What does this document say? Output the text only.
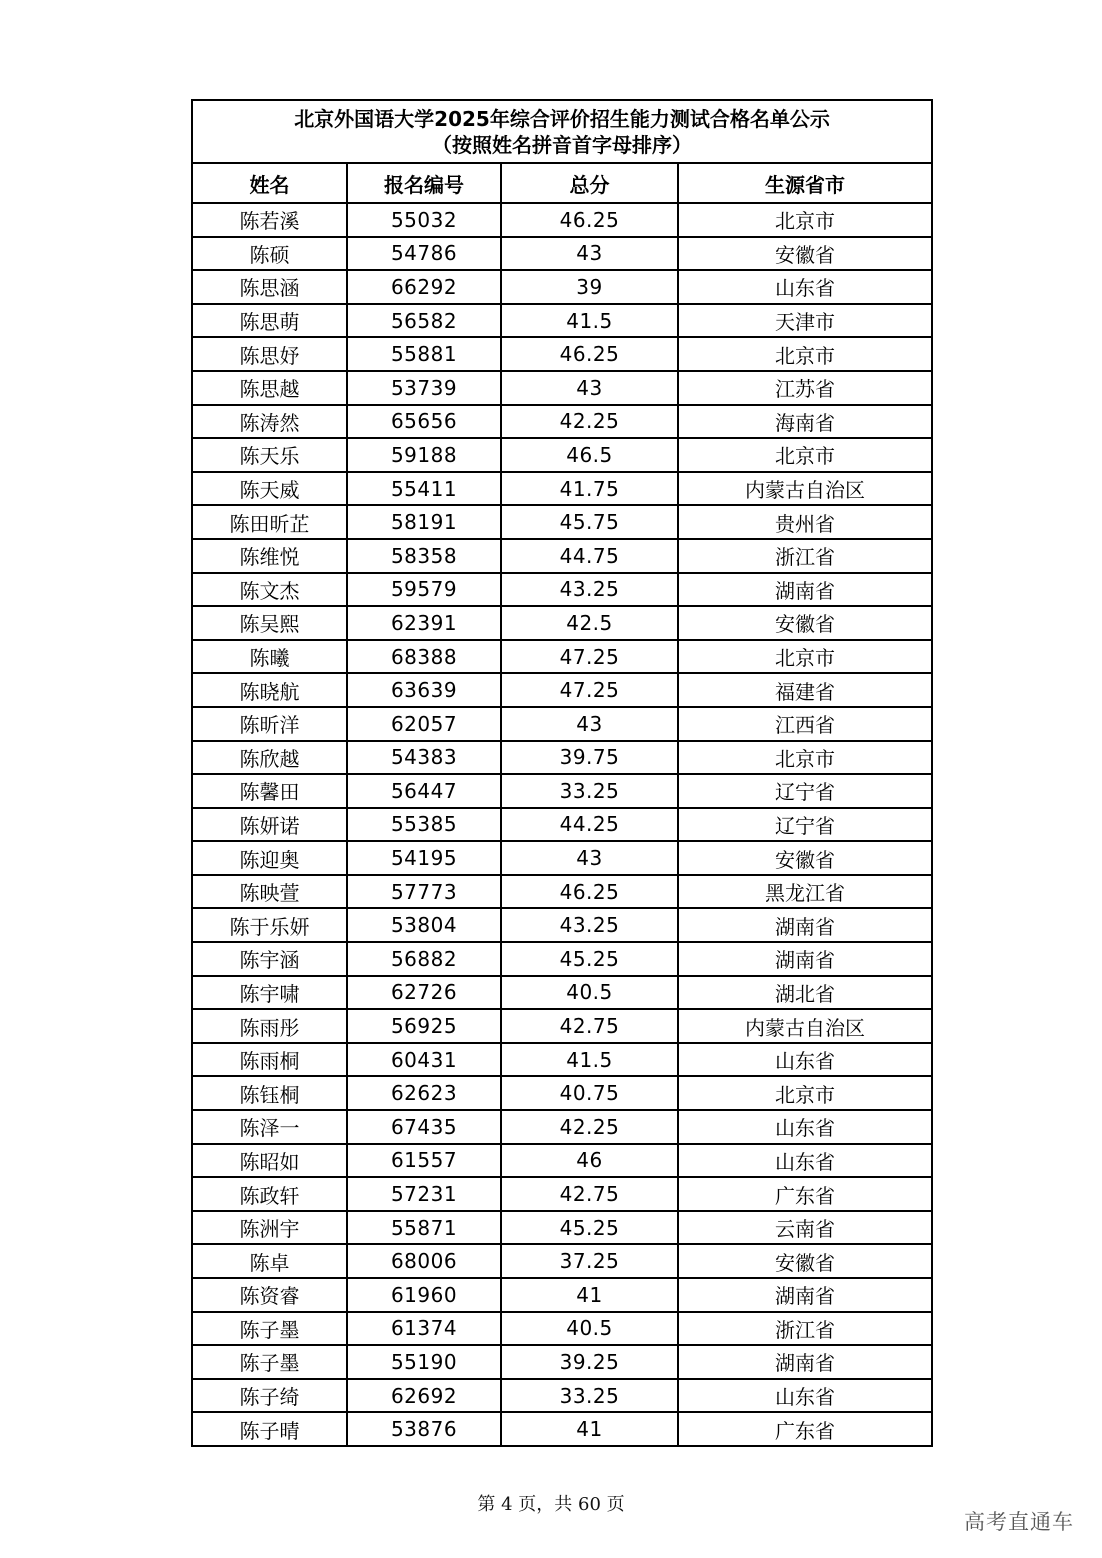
北京外国语大学2025年综合评价招生能力测试合格名单公示
（按照姓名拼音首字母排序）			

姓名	报名编号	总分	生源省市
陈若溪	55032	46.25	北京市
陈硕	54786	43	安徽省
陈思涵	66292	39	山东省
陈思萌	56582	41.5	天津市
陈思妤	55881	46.25	北京市
陈思越	53739	43	江苏省
陈涛然	65656	42.25	海南省
陈天乐	59188	46.5	北京市
陈天威	55411	41.75	内蒙古自治区
陈田昕芷	58191	45.75	贵州省
陈维悦	58358	44.75	浙江省
陈文杰	59579	43.25	湖南省
陈吴熙	62391	42.5	安徽省
陈曦	68388	47.25	北京市
陈晓航	63639	47.25	福建省
陈昕洋	62057	43	江西省
陈欣越	54383	39.75	北京市
陈馨田	56447	33.25	辽宁省
陈妍诺	55385	44.25	辽宁省
陈迎奥	54195	43	安徽省
陈映萱	57773	46.25	黑龙江省
陈于乐妍	53804	43.25	湖南省
陈宇涵	56882	45.25	湖南省
陈宇啸	62726	40.5	湖北省
陈雨彤	56925	42.75	内蒙古自治区
陈雨桐	60431	41.5	山东省
陈钰桐	62623	40.75	北京市
陈泽一	67435	42.25	山东省
陈昭如	61557	46	山东省
陈政轩	57231	42.75	广东省
陈洲宇	55871	45.25	云南省
陈卓	68006	37.25	安徽省
陈资睿	61960	41	湖南省
陈子墨	61374	40.5	浙江省
陈子墨	55190	39.25	湖南省
陈子绮	62692	33.25	山东省
陈子晴	53876	41	广东省
第 4 页，共 60 页
高考直通车
